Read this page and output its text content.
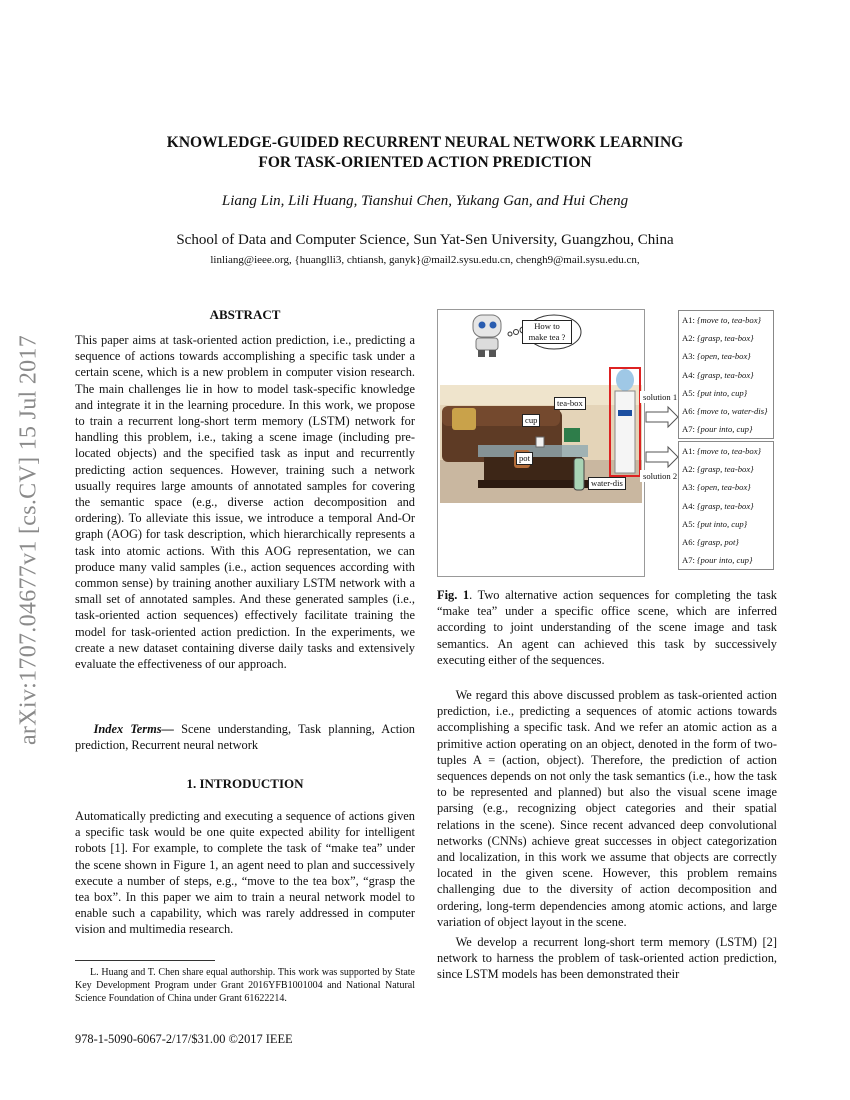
arXiv:1707.04677v1 [cs.CV] 15 Jul 2017
KNOWLEDGE-GUIDED RECURRENT NEURAL NETWORK LEARNING
FOR TASK-ORIENTED ACTION PREDICTION
Liang Lin, Lili Huang, Tianshui Chen, Yukang Gan, and Hui Cheng
School of Data and Computer Science, Sun Yat-Sen University, Guangzhou, China
linliang@ieee.org, {huanglli3, chtiansh, ganyk}@mail2.sysu.edu.cn, chengh9@mail.sysu.edu.cn,
ABSTRACT
This paper aims at task-oriented action prediction, i.e., predicting a sequence of actions towards accomplishing a specific task under a certain scene, which is a new problem in computer vision research. The main challenges lie in how to model task-specific knowledge and integrate it in the learning procedure. In this work, we propose to train a recurrent long-short term memory (LSTM) network for handling this problem, i.e., taking a scene image (including pre-located objects) and the specified task as input and recurrently predicting action sequences. However, training such a network usually requires large amounts of annotated samples for covering the semantic space (e.g., diverse action decomposition and ordering). To alleviate this issue, we introduce a temporal And-Or graph (AOG) for task description, which hierarchically represents a task into atomic actions. With this AOG representation, we can produce many valid samples (i.e., action sequences according with common sense) by training another auxiliary LSTM network with a small set of annotated samples. And these generated samples (i.e., task-oriented action sequences) effectively facilitate training the model for task-oriented action prediction. In the experiments, we create a new dataset containing diverse daily tasks and extensively evaluate the effectiveness of our approach.

Index Terms— Scene understanding, Task planning, Action prediction, Recurrent neural network

1. INTRODUCTION
Automatically predicting and executing a sequence of actions given a specific task would be one quite expected ability for intelligent robots [1]. For example, to complete the task of “make tea” under the scene shown in Figure 1, an agent need to plan and successively execute a number of steps, e.g., “move to the tea box”, “grasp the tea box”. In this paper we aim to train a neural network model to enable such a capability, which was rarely addressed in computer vision and multimedia research.

L. Huang and T. Chen share equal authorship. This work was supported by State Key Development Program under Grant 2016YFB1001004 and National Natural Science Foundation of China under Grant 61622214.

978-1-5090-6067-2/17/$31.00 ©2017 IEEE
How to make tea ?
tea-box
cup
pot
water-dis
solution 1
solution 2
A1: {move to, tea-box}
A2: {grasp, tea-box}
A3: {open, tea-box}
A4: {grasp, tea-box}
A5: {put into, cup}
A6: {move to, water-dis}
A7: {pour into, cup}
A1: {move to, tea-box}
A2: {grasp, tea-box}
A3: {open, tea-box}
A4: {grasp, tea-box}
A5: {put into, cup}
A6: {grasp, pot}
A7: {pour into, cup}
Fig. 1. Two alternative action sequences for completing the task “make tea” under a specific office scene, which are inferred according to joint understanding of the scene image and task semantics. An agent can achieved this task by successively executing either of the sequences.

We regard this above discussed problem as task-oriented action prediction, i.e., predicting a sequences of atomic actions towards accomplishing a specific task. And we refer an atomic action as a primitive action operating on an object, denoted in the form of two-tuples A = (action, object). Therefore, the prediction of action sequences depends on not only the task semantics (i.e., how the task to be represented and planned) but also the visual scene image parsing (e.g., recognizing object categories and their spatial relations in the scene). Since recent advanced deep convolutional networks (CNNs) achieve great successes in object categorization and localization, in this work we assume that objects are correctly located in the given scene. However, this problem remains challenging due to the diversity of action decomposition and ordering, long-term dependencies among atomic actions, and large variation of object layout in the scene.

We develop a recurrent long-short term memory (LSTM) [2] network to harness the problem of task-oriented action prediction, since LSTM models has been demonstrated their
